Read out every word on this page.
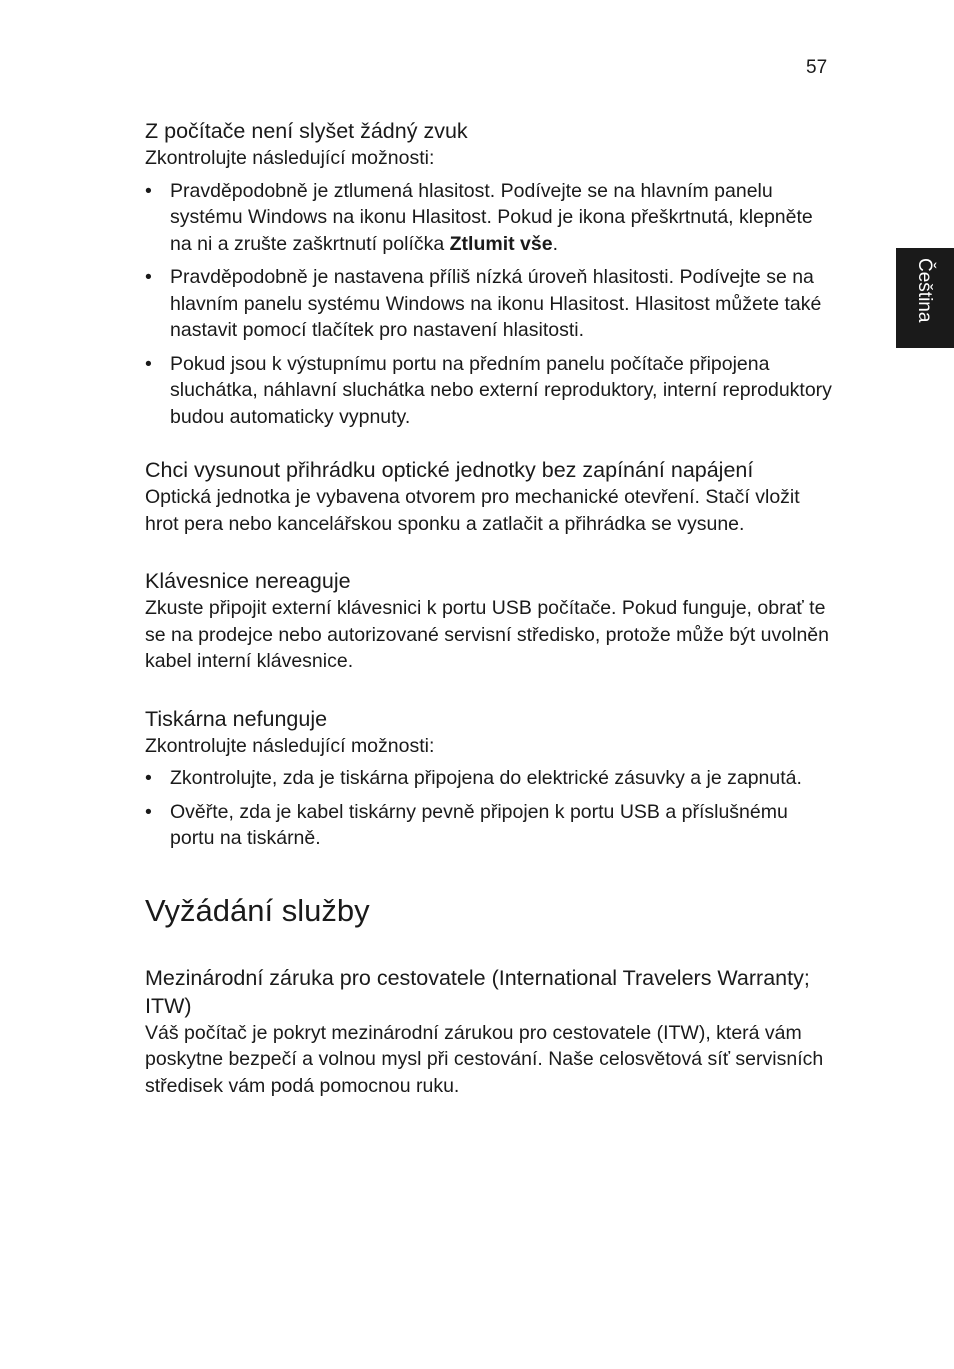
57
Čeština
Z počítače není slyšet žádný zvuk

Zkontrolujte následující možnosti:

• Pravděpodobně je ztlumená hlasitost. Podívejte se na hlavním panelu systému Windows na ikonu Hlasitost. Pokud je ikona přeškrtnutá, klepněte na ni a zrušte zaškrtnutí políčka Ztlumit vše.
• Pravděpodobně je nastavena příliš nízká úroveň hlasitosti. Podívejte se na hlavním panelu systému Windows na ikonu Hlasitost. Hlasitost můžete také nastavit pomocí tlačítek pro nastavení hlasitosti.
• Pokud jsou k výstupnímu portu na předním panelu počítače připojena sluchátka, náhlavní sluchátka nebo externí reproduktory, interní reproduktory budou automaticky vypnuty.
Chci vysunout přihrádku optické jednotky bez zapínání napájení

Optická jednotka je vybavena otvorem pro mechanické otevření. Stačí vložit hrot pera nebo kancelářskou sponku a zatlačit a přihrádka se vysune.

Klávesnice nereaguje

Zkuste připojit externí klávesnici k portu USB počítače. Pokud funguje, obrať te se na prodejce nebo autorizované servisní středisko, protože může být uvolněn kabel interní klávesnice.

Tiskárna nefunguje

Zkontrolujte následující možnosti:

• Zkontrolujte, zda je tiskárna připojena do elektrické zásuvky a je zapnutá.
• Ověřte, zda je kabel tiskárny pevně připojen k portu USB a příslušnému portu na tiskárně.
Vyžádání služby
Mezinárodní záruka pro cestovatele (International Travelers Warranty; ITW)

Váš počítač je pokryt mezinárodní zárukou pro cestovatele (ITW), která vám poskytne bezpečí a volnou mysl při cestování. Naše celosvětová síť servisních středisek vám podá pomocnou ruku.
